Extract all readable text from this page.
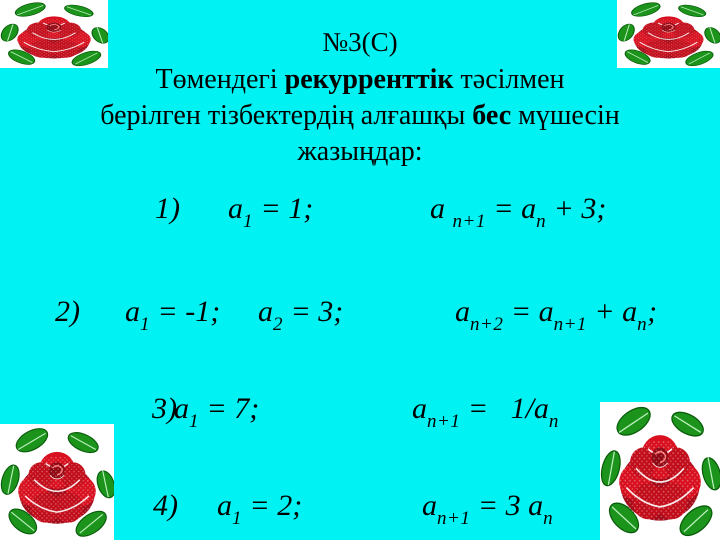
№3(С)
Төмендегі рекурренттік тәсілмен
берілген тізбектердің алғашқы бес мүшесін
жазыңдар:
1) $a_1 = 1$;	a $_{n+1} = a_n + 3$;
2) $a_1 = -1$; $a_2 = 3$;	$a_{n+2} = a_{n+1} + a_n$;
3)
$a_1 = 7$;	$a_{n+1} = 1/a_n$
4) $a_1 = 2$;	$a_{n+1} = 3$ $a_n$
